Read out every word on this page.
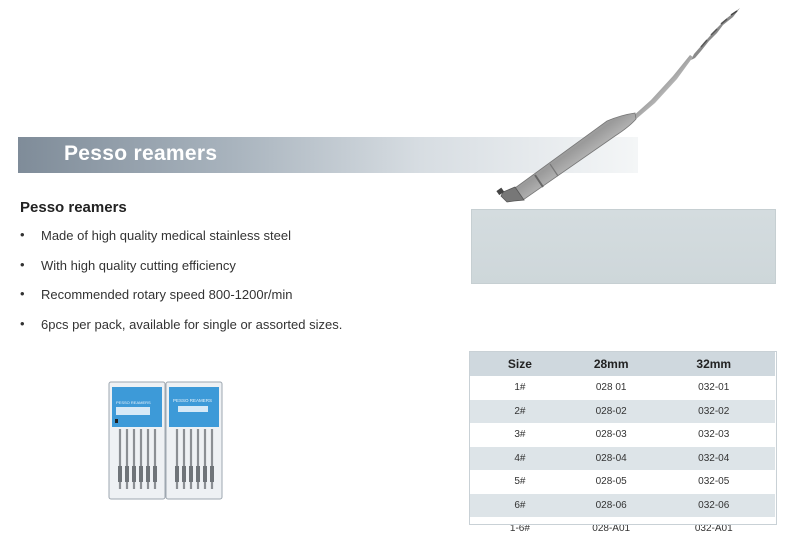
Pesso reamers
Pesso reamers
• Made of high quality medical stainless steel
• With high quality cutting efficiency
• Recommended rotary speed 800-1200r/min
• 6pcs per pack, available for single or assorted sizes.
PESSO REAMERS	PESSO REAMERS
Size	28mm	32mm
1#	028 01	032-01
2#	028-02	032-02
3#	028-03	032-03
4#	028-04	032-04
5#	028-05	032-05
6#	028-06	032-06
1-6#	028-A01	032-A01
